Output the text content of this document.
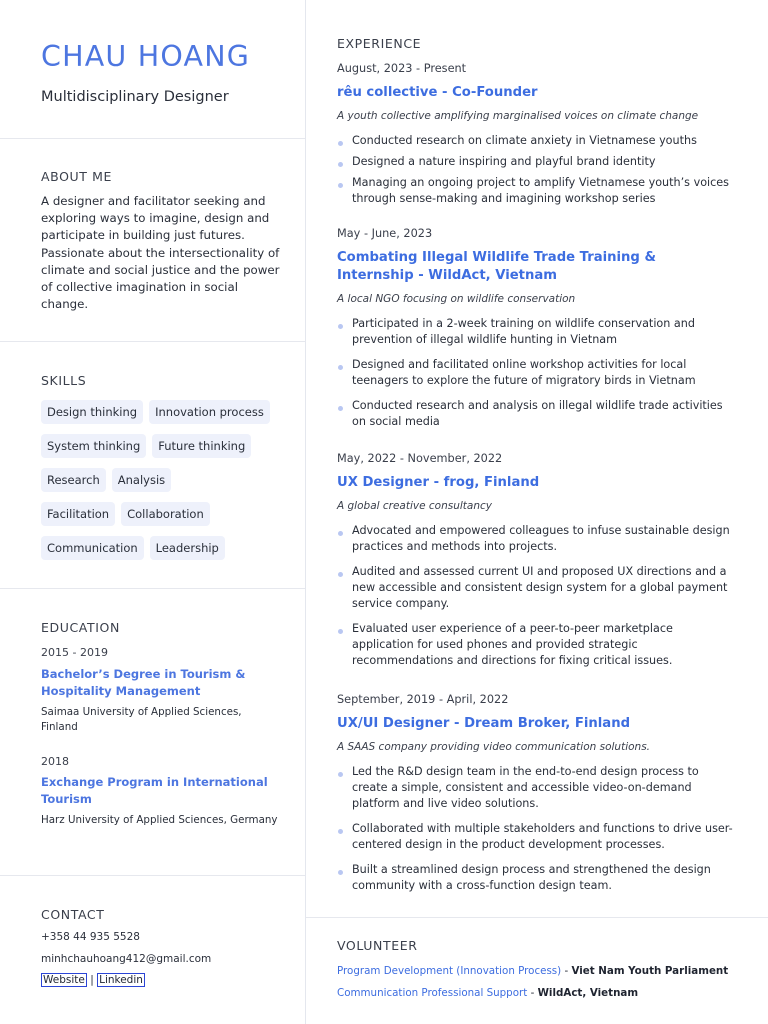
CHAU HOANG
Multidisciplinary Designer
ABOUT ME
A designer and facilitator seeking and exploring ways to imagine, design and participate in building just futures. Passionate about the intersectionality of climate and social justice and the power of collective imagination in social change.
SKILLS
Design thinking	Innovation process
System thinking	Future thinking
Research	Analysis
Facilitation	Collaboration
Communication	Leadership
EDUCATION
2015 - 2019
Bachelor’s Degree in Tourism & Hospitality Management
Saimaa University of Applied Sciences, Finland
2018
Exchange Program in International Tourism
Harz University of Applied Sciences, Germany
CONTACT
+358 44 935 5528
minhchauhoang412@gmail.com
Website | Linkedin
EXPERIENCE
August, 2023 - Present
rêu collective - Co-Founder
A youth collective amplifying marginalised voices on climate change
Conducted research on climate anxiety in Vietnamese youths
Designed a nature inspiring and playful brand identity
Managing an ongoing project to amplify Vietnamese youth’s voices through sense-making and imagining workshop series
May - June, 2023
Combating Illegal Wildlife Trade Training & Internship - WildAct, Vietnam
A local NGO focusing on wildlife conservation
Participated in a 2-week training on wildlife conservation and prevention of illegal wildlife hunting in Vietnam
Designed and facilitated online workshop activities for local teenagers to explore the future of migratory birds in Vietnam
Conducted research and analysis on illegal wildlife trade activities on social media
May, 2022 - November, 2022
UX Designer - frog, Finland
A global creative consultancy
Advocated and empowered colleagues to infuse sustainable design practices and methods into projects.
Audited and assessed current UI and proposed UX directions and a new accessible and consistent design system for a global payment service company.
Evaluated user experience of a peer-to-peer marketplace application for used phones and provided strategic recommendations and directions for fixing critical issues.
September, 2019 - April, 2022
UX/UI Designer - Dream Broker, Finland
A SAAS company providing video communication solutions.
Led the R&D design team in the end-to-end design process to create a simple, consistent and accessible video-on-demand platform and live video solutions.
Collaborated with multiple stakeholders and functions to drive user-centered design in the product development processes.
Built a streamlined design process and strengthened the design community with a cross-function design team.
VOLUNTEER
Program Development (Innovation Process) - Viet Nam Youth Parliament
Communication Professional Support - WildAct, Vietnam
